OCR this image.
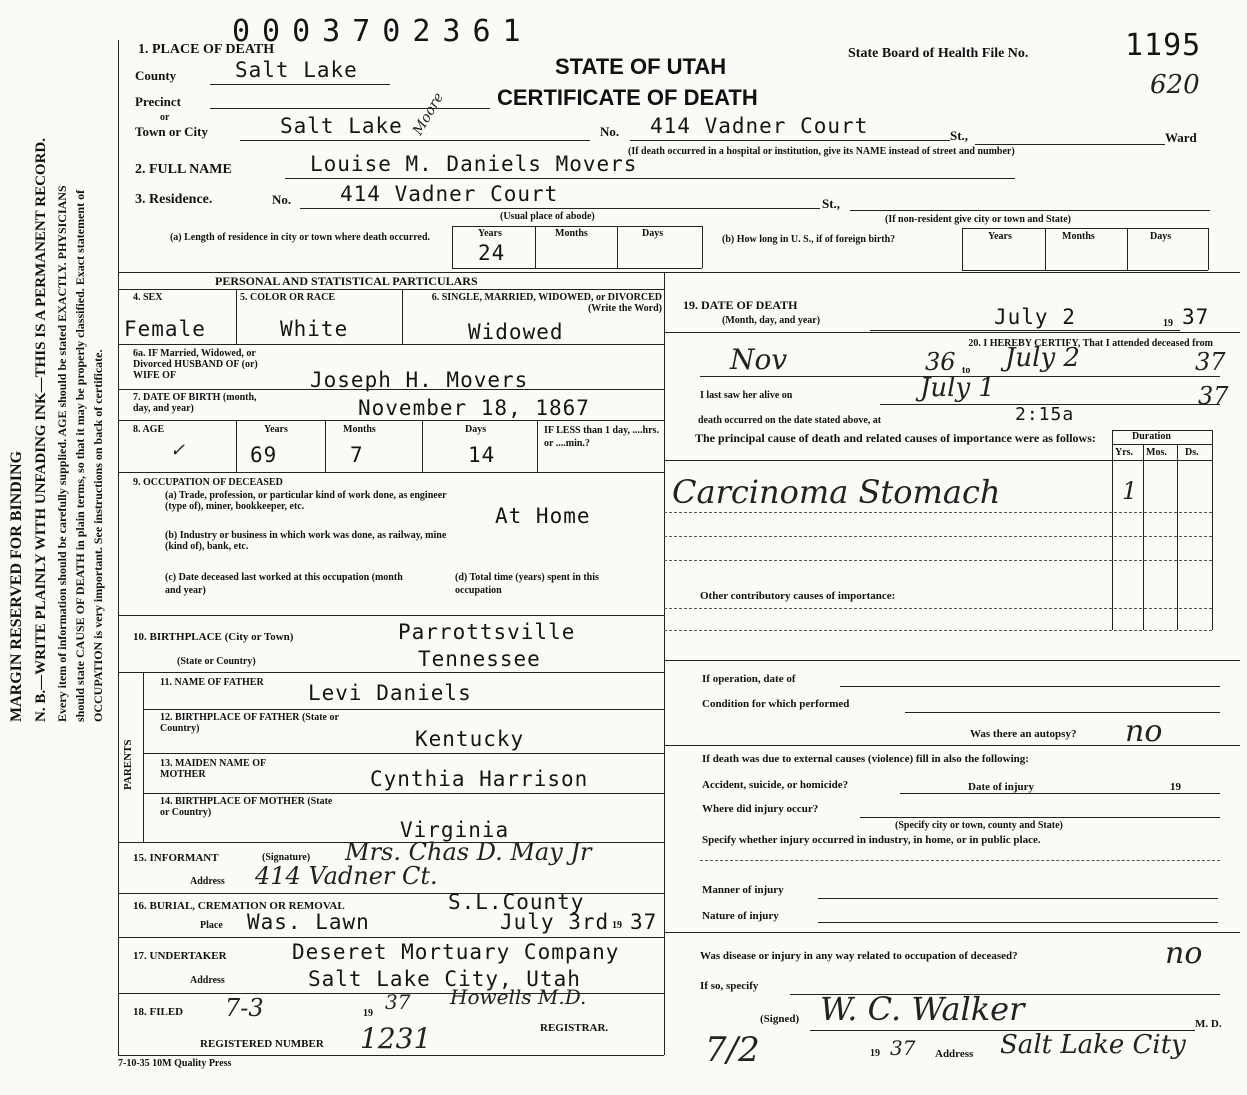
MARGIN RESERVED FOR BINDING N. B.—WRITE PLAINLY WITH UNFADING INK—THIS IS A PERMANENT RECORD. Every item of information should be carefully supplied. AGE should be stated EXACTLY. PHYSICIANS should state CAUSE OF DEATH in plain terms, so that it may be properly classified. Exact statement of OCCUPATION is very important. See instructions on back of certificate.
0003702361
STATE OF UTAH
CERTIFICATE OF DEATH
State Board of Health File No.	1195
620
1. PLACE OF DEATH
County	Salt Lake
Precinct
or
Town or City	Salt Lake	No. 414 Vadner Court	St.,	Ward
(If death occurred in a hospital or institution, give its NAME instead of street and number)
2. FULL NAME	Louise M. Daniels Movers
Moore
3. Residence.	No. 414 Vadner Court	St.,
(Usual place of abode)	(If non-resident give city or town and State)
(a) Length of residence in city or town where death occurred.	Years	Months	Days
24
(b) How long in U. S., if of foreign birth?	Years	Months	Days
PERSONAL AND STATISTICAL PARTICULARS
4. SEX
Female
5. COLOR OR RACE
White
6. SINGLE, MARRIED, WIDOWED, or DIVORCED (Write the Word)
Widowed
6a. IF Married, Widowed, or Divorced HUSBAND OF (or) WIFE OF	Joseph H. Movers
7. DATE OF BIRTH (month, day, and year)	November 18, 1867
8. AGE
✓
Years
69
Months
7
Days
14
IF LESS than 1 day, ....hrs. or ....min.?
9. OCCUPATION OF DECEASED
(a) Trade, profession, or particular kind of work done, as engineer (type of), miner, bookkeeper, etc.	At Home
(b) Industry or business in which work was done, as railway, mine (kind of), bank, etc.
(c) Date deceased last worked at this occupation (month and year)
(d) Total time (years) spent in this occupation
10. BIRTHPLACE (City or Town)	Parrottsville
(State or Country)	Tennessee
PARENTS
11. NAME OF FATHER Levi Daniels
12. BIRTHPLACE OF FATHER (State or Country)	Kentucky
13. MAIDEN NAME OF MOTHER	Cynthia Harrison
14. BIRTHPLACE OF MOTHER (State or Country)
Virginia
15. INFORMANT	(Signature) Mrs. Chas D. May Jr
Address 414 Vadner Ct.
16. BURIAL, CREMATION OR REMOVAL	S.L.County
Place Was. Lawn	July 3rd 19 37
17. UNDERTAKER	Deseret Mortuary Company
Address	Salt Lake City, Utah
18. FILED 7-3	19 37 Howells M.D.
REGISTRAR.
REGISTERED NUMBER 1231
7-10-35 10M Quality Press
19. DATE OF DEATH
(Month, day, and year)	July 2	19 37
20. I HEREBY CERTIFY, That I attended deceased from
Nov	36 to July 2	37
I last saw her alive on	July 1	37
death occurred on the date stated above, at	2:15a
The principal cause of death and related causes of importance were as follows:	Duration
Yrs. Mos. Ds.
Carcinoma Stomach	1
Other contributory causes of importance:
If operation, date of
Condition for which performed
Was there an autopsy? no
If death was due to external causes (violence) fill in also the following:
Accident, suicide, or homicide?	Date of injury	19
Where did injury occur?
(Specify city or town, county and State)
Specify whether injury occurred in industry, in home, or in public place.
Manner of injury
Nature of injury
Was disease or injury in any way related to occupation of deceased?	no
If so, specify
(Signed) W. C. Walker	M. D.
7/2	19 37 Address Salt Lake City
